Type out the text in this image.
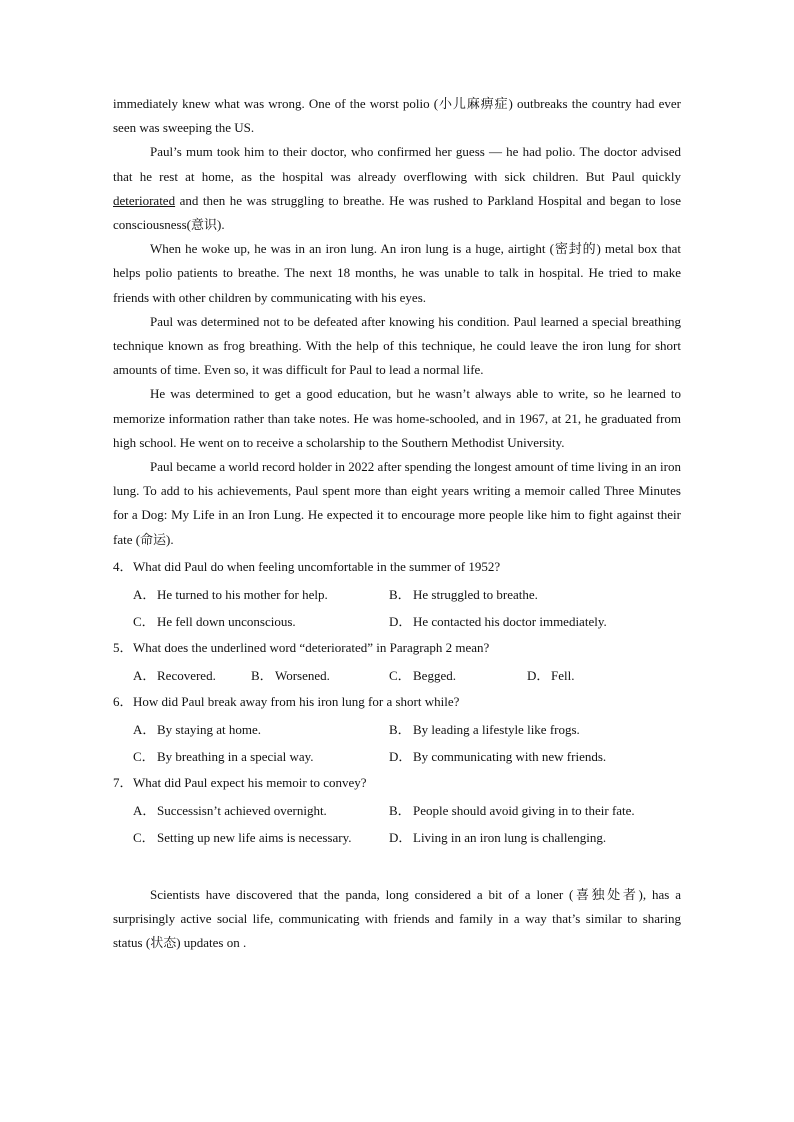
immediately knew what was wrong. One of the worst polio (小儿麻痹症) outbreaks the country had ever seen was sweeping the US.

Paul’s mum took him to their doctor, who confirmed her guess — he had polio. The doctor advised that he rest at home, as the hospital was already overflowing with sick children. But Paul quickly deteriorated and then he was struggling to breathe. He was rushed to Parkland Hospital and began to lose consciousness(意识).

When he woke up, he was in an iron lung. An iron lung is a huge, airtight (密封的) metal box that helps polio patients to breathe. The next 18 months, he was unable to talk in hospital. He tried to make friends with other children by communicating with his eyes.

Paul was determined not to be defeated after knowing his condition. Paul learned a special breathing technique known as frog breathing. With the help of this technique, he could leave the iron lung for short amounts of time. Even so, it was difficult for Paul to lead a normal life.

He was determined to get a good education, but he wasn’t always able to write, so he learned to memorize information rather than take notes. He was home-schooled, and in 1967, at 21, he graduated from high school. He went on to receive a scholarship to the Southern Methodist University.

Paul became a world record holder in 2022 after spending the longest amount of time living in an iron lung. To add to his achievements, Paul spent more than eight years writing a memoir called Three Minutes for a Dog: My Life in an Iron Lung. He expected it to encourage more people like him to fight against their fate (命运).

4．What did Paul do when feeling uncomfortable in the summer of 1952?
A． He turned to his mother for help.	B． He struggled to breathe.
C． He fell down unconscious.	D． He contacted his doctor immediately.
5．What does the underlined word “deteriorated” in Paragraph 2 mean?
A． Recovered.	B． Worsened.	C． Begged.	D． Fell.
6．How did Paul break away from his iron lung for a short while?
A． By staying at home.	B． By leading a lifestyle like frogs.
C． By breathing in a special way.	D． By communicating with new friends.
7．What did Paul expect his memoir to convey?
A． Successisn’t achieved overnight.	B． People should avoid giving in to their fate.
C． Setting up new life aims is necessary.	D． Living in an iron lung is challenging.

Scientists have discovered that the panda, long considered a bit of a loner (喜独处者), has a surprisingly active social life, communicating with friends and family in a way that’s similar to sharing status (状态) updates on .
